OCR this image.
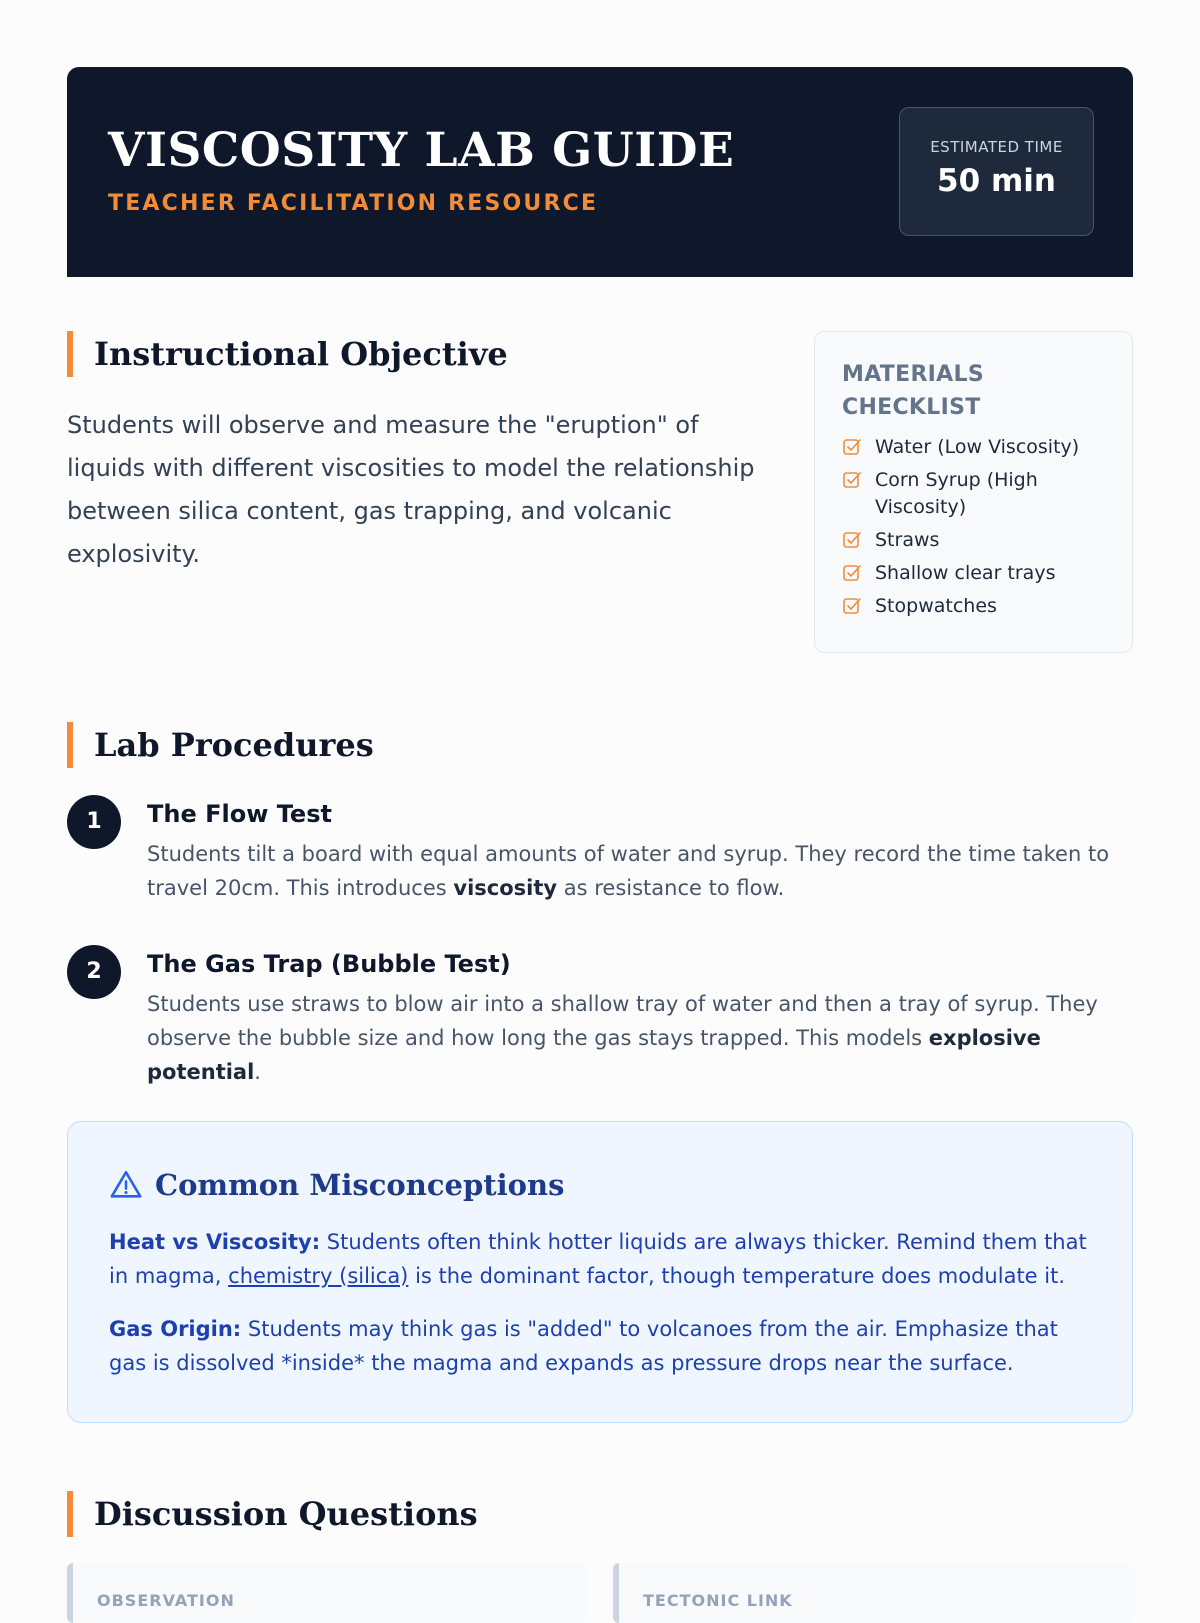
VISCOSITY LAB GUIDE
TEACHER FACILITATION RESOURCE
ESTIMATED TIME
50 min
Instructional Objective

Students will observe and measure the "eruption" of liquids with different viscosities to model the relationship between silica content, gas trapping, and volcanic explosivity.

MATERIALS
CHECKLIST
Water (Low Viscosity)
Corn Syrup (High Viscosity)
Straws
Shallow clear trays
Stopwatches
Lab Procedures
1	The Flow Test

Students tilt a board with equal amounts of water and syrup. They record the time taken to travel 20cm. This introduces viscosity as resistance to flow.

2	The Gas Trap (Bubble Test)

Students use straws to blow air into a shallow tray of water and then a tray of syrup. They observe the bubble size and how long the gas stays trapped. This models explosive potential.

Common Misconceptions

Heat vs Viscosity: Students often think hotter liquids are always thicker. Remind them that in magma, chemistry (silica) is the dominant factor, though temperature does modulate it.

Gas Origin: Students may think gas is "added" to volcanoes from the air. Emphasize that gas is dissolved *inside* the magma and expands as pressure drops near the surface.

Discussion Questions
OBSERVATION	TECTONIC LINK
